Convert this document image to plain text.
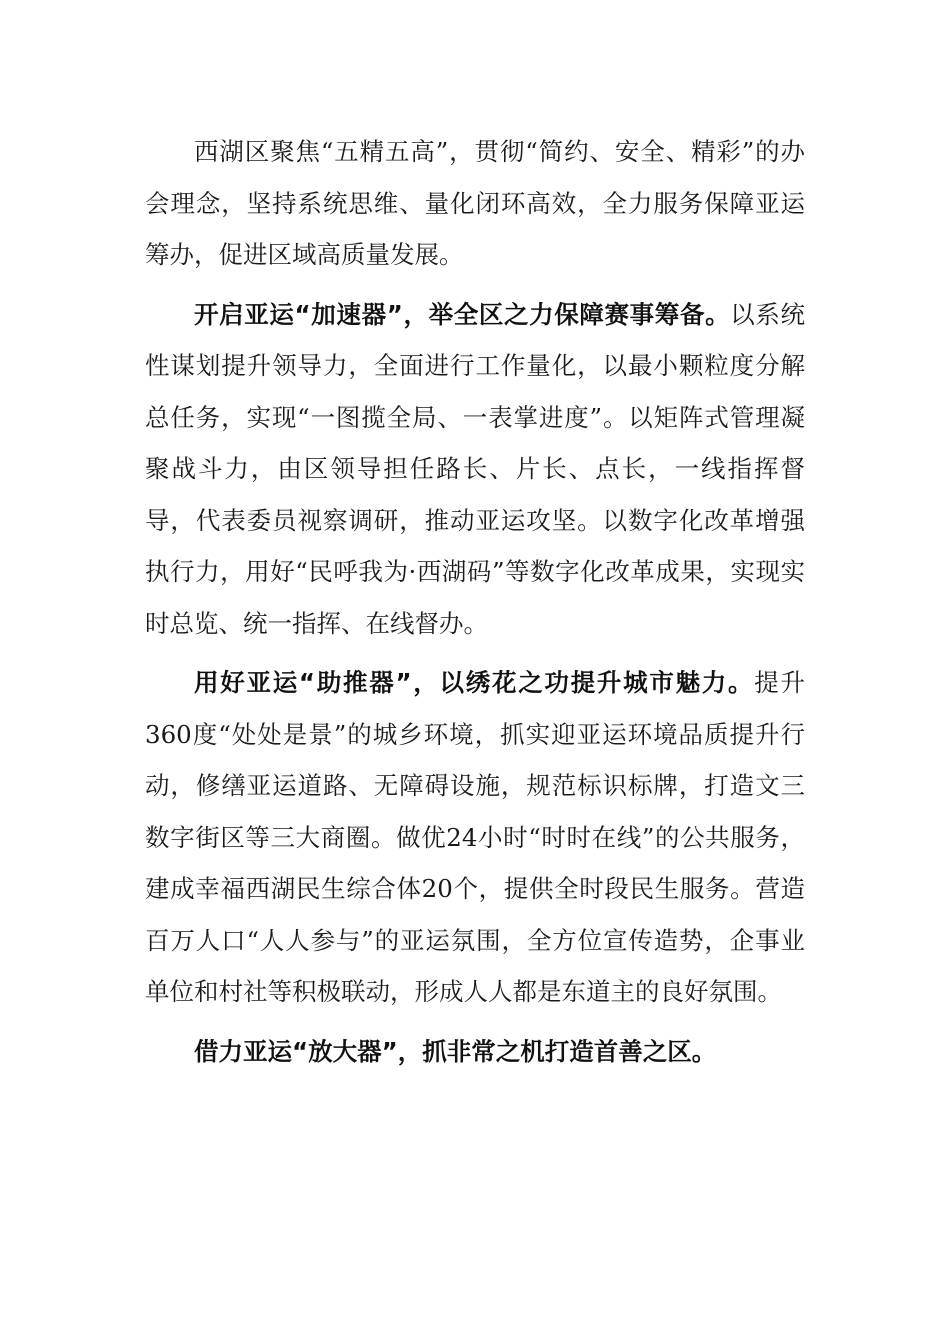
西湖区聚焦“五精五高”，贯彻“简约、安全、精彩”的办会理念，坚持系统思维、量化闭环高效，全力服务保障亚运筹办，促进区域高质量发展。

开启亚运“加速器”，举全区之力保障赛事筹备。以系统性谋划提升领导力，全面进行工作量化，以最小颗粒度分解总任务，实现“一图揽全局、一表掌进度”。以矩阵式管理凝聚战斗力，由区领导担任路长、片长、点长，一线指挥督导，代表委员视察调研，推动亚运攻坚。以数字化改革增强执行力，用好“民呼我为·西湖码”等数字化改革成果，实现实时总览、统一指挥、在线督办。

用好亚运“助推器”，以绣花之功提升城市魅力。提升360度“处处是景”的城乡环境，抓实迎亚运环境品质提升行动，修缮亚运道路、无障碍设施，规范标识标牌，打造文三数字街区等三大商圈。做优24小时“时时在线”的公共服务，建成幸福西湖民生综合体20个，提供全时段民生服务。营造百万人口“人人参与”的亚运氛围，全方位宣传造势，企事业单位和村社等积极联动，形成人人都是东道主的良好氛围。

借力亚运“放大器”，抓非常之机打造首善之区。
